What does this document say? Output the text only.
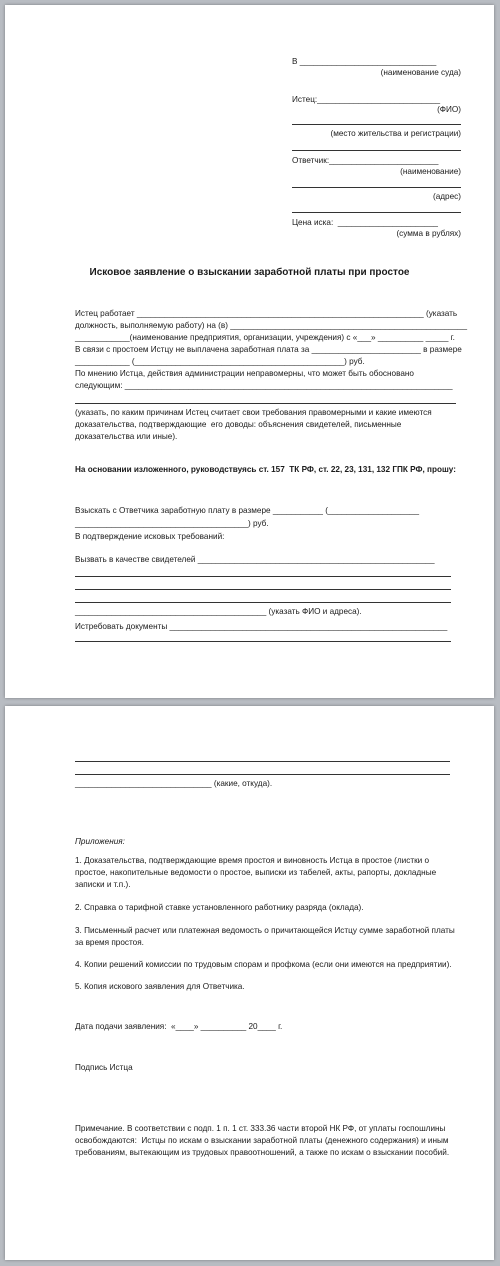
В ______________________________
(наименование суда)
Истец:___________________________
(ФИО)
(место жительства и регистрации)
Ответчик:________________________
(наименование)
(адрес)
Цена иска:  ______________________
(сумма в рублях)
Исковое заявление о взыскании заработной платы при простое
Истец работает _______________________________________________________________ (указать
должность, выполняемую работу) на (в) ____________________________________________________
____________(наименование предприятия, организации, учреждения) с «___» __________ _____ г.
В связи с простоем Истцу не выплачена заработная плата за ________________________ в размере
____________ (______________________________________________) руб.
По мнению Истца, действия администрации неправомерны, что может быть обосновано
следующим: ________________________________________________________________________
(указать, по каким причинам Истец считает свои требования правомерными и какие имеются
доказательства, подтверждающие  его доводы: объяснения свидетелей, письменные
доказательства или иные).
На основании изложенного, руководствуясь ст. 157  ТК РФ, ст. 22, 23, 131, 132 ГПК РФ, прошу:
Взыскать с Ответчика заработную плату в размере ___________ (____________________
______________________________________) руб.
В подтверждение исковых требований:
Вызвать в качестве свидетелей ____________________________________________________
__________________________________________ (указать ФИО и адреса).
Истребовать документы _____________________________________________________________
______________________________ (какие, откуда).
Приложения:
1. Доказательства, подтверждающие время простоя и виновность Истца в простое (листки о
простое, накопительные ведомости о простое, выписки из табелей, акты, рапорты, докладные
записки и т.п.).
2. Справка о тарифной ставке установленного работнику разряда (оклада).
3. Письменный расчет или платежная ведомость о причитающейся Истцу сумме заработной платы
за время простоя.
4. Копии решений комиссии по трудовым спорам и профкома (если они имеются на предприятии).
5. Копия искового заявления для Ответчика.
Дата подачи заявления:  «____» __________ 20____ г.
Подпись Истца
Примечание. В соответствии с подп. 1 п. 1 ст. 333.36 части второй НК РФ, от уплаты госпошлины
освобождаются:  Истцы по искам о взыскании заработной платы (денежного содержания) и иным
требованиям, вытекающим из трудовых правоотношений, а также по искам о взыскании пособий.
